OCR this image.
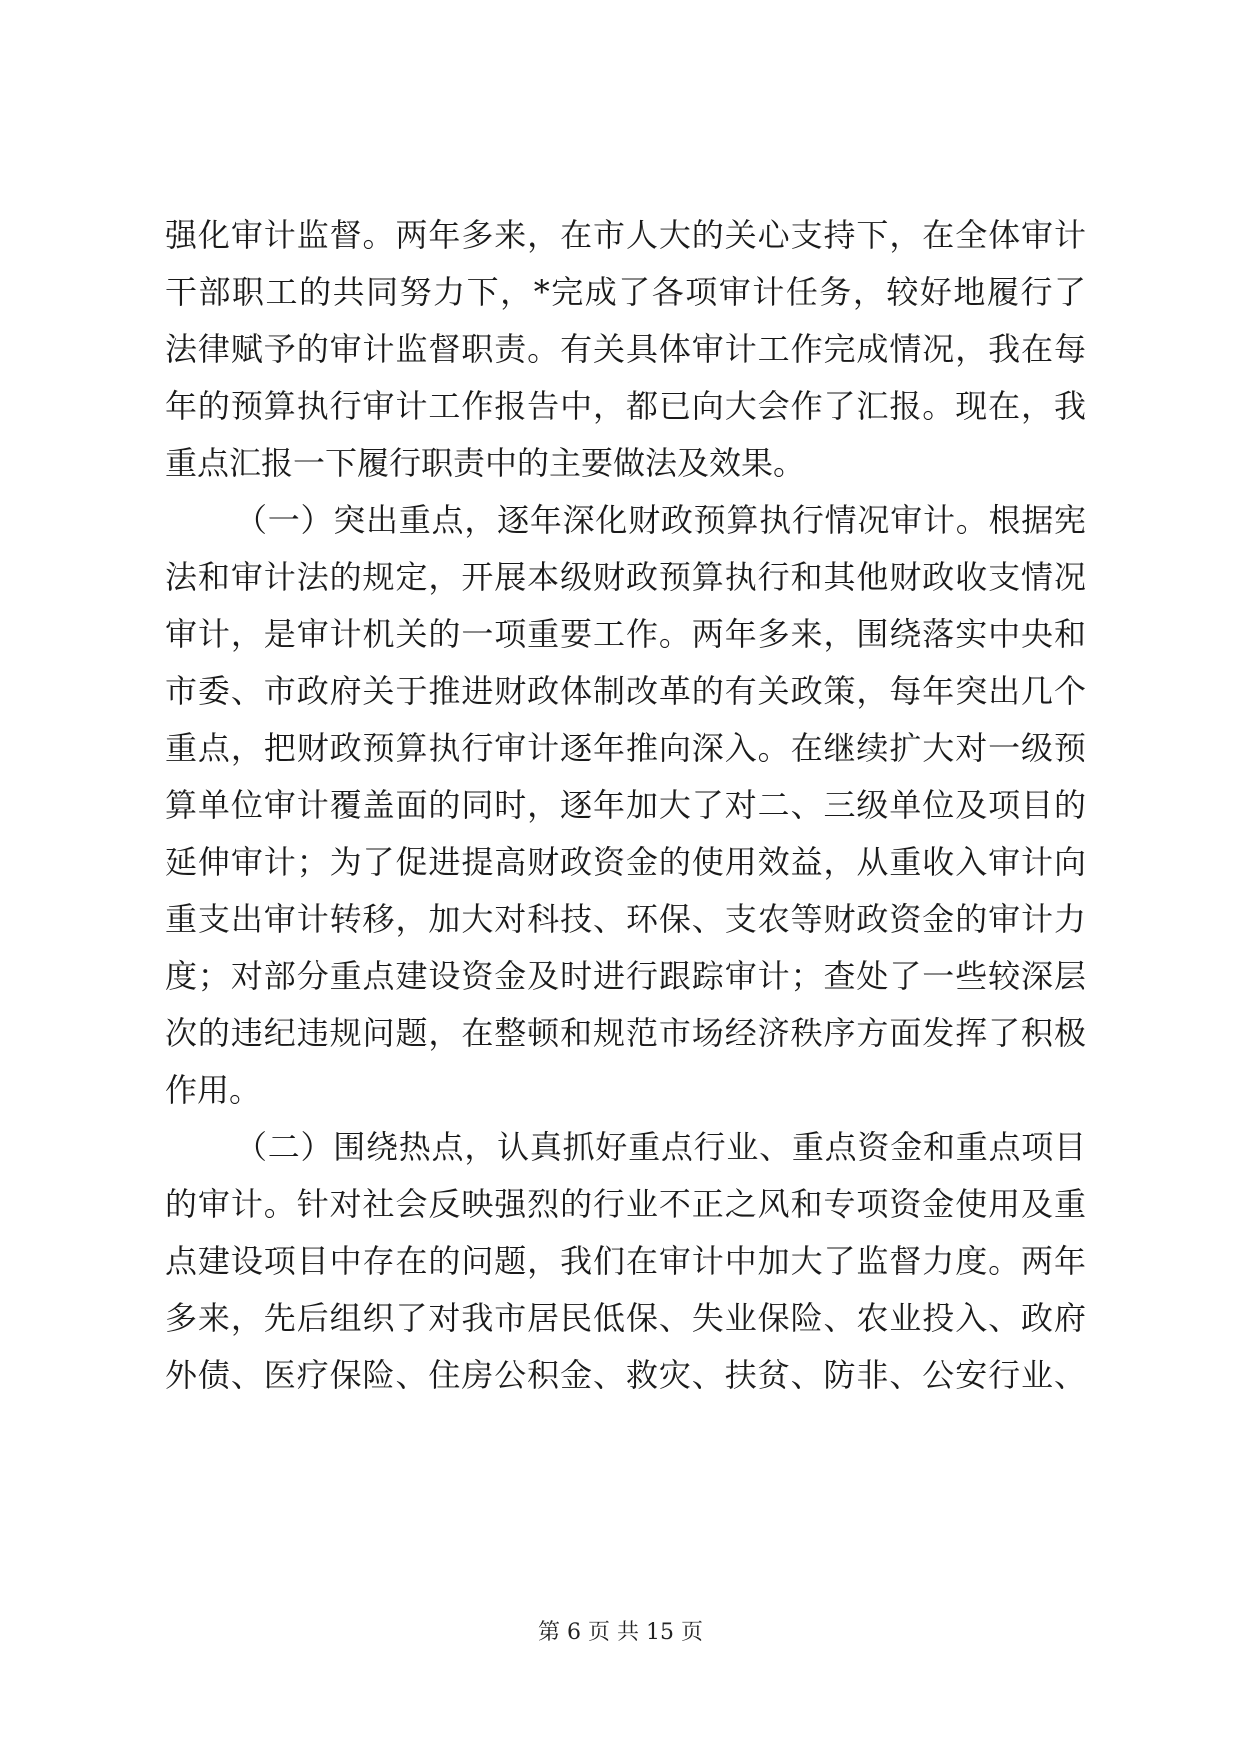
强化审计监督。两年多来，在市人大的关心支持下，在全体审计
干部职工的共同努力下，*完成了各项审计任务，较好地履行了
法律赋予的审计监督职责。有关具体审计工作完成情况，我在每
年的预算执行审计工作报告中，都已向大会作了汇报。现在，我
重点汇报一下履行职责中的主要做法及效果。
（一）突出重点，逐年深化财政预算执行情况审计。根据宪
法和审计法的规定，开展本级财政预算执行和其他财政收支情况
审计，是审计机关的一项重要工作。两年多来，围绕落实中央和
市委、市政府关于推进财政体制改革的有关政策，每年突出几个
重点，把财政预算执行审计逐年推向深入。在继续扩大对一级预
算单位审计覆盖面的同时，逐年加大了对二、三级单位及项目的
延伸审计；为了促进提高财政资金的使用效益，从重收入审计向
重支出审计转移，加大对科技、环保、支农等财政资金的审计力
度；对部分重点建设资金及时进行跟踪审计；查处了一些较深层
次的违纪违规问题，在整顿和规范市场经济秩序方面发挥了积极
作用。
（二）围绕热点，认真抓好重点行业、重点资金和重点项目
的审计。针对社会反映强烈的行业不正之风和专项资金使用及重
点建设项目中存在的问题，我们在审计中加大了监督力度。两年
多来，先后组织了对我市居民低保、失业保险、农业投入、政府
外债、医疗保险、住房公积金、救灾、扶贫、防非、公安行业、
第 6 页 共 15 页
